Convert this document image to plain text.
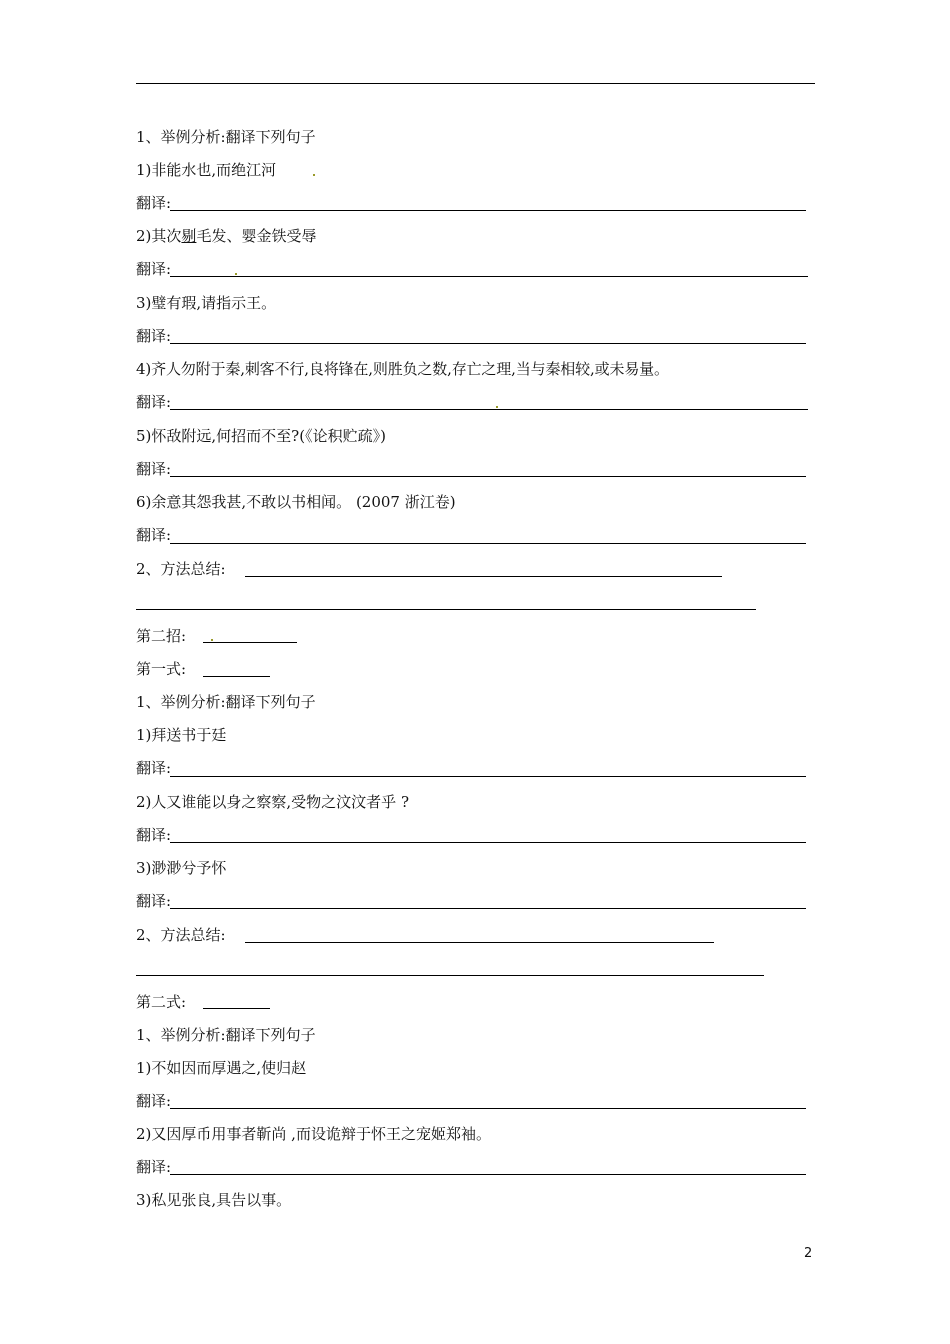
1、举例分析:翻译下列句子
1)非能水也,而绝江河
翻译:
2)其次剔毛发、婴金铁受辱
翻译:
3)璧有瑕,请指示王。
翻译:
4)齐人勿附于秦,刺客不行,良将锋在,则胜负之数,存亡之理,当与秦相较,或未易量。
翻译:
5)怀敌附远,何招而不至?(《论积贮疏》)
翻译:
6)余意其怨我甚,不敢以书相闻。 (2007 浙江卷)
翻译:
2、方法总结:
第二招:
第一式:
1、举例分析:翻译下列句子
1)拜送书于廷
翻译:
2)人又谁能以身之察察,受物之汶汶者乎 ?
翻译:
3)渺渺兮予怀
翻译:
2、方法总结:
第二式:
1、举例分析:翻译下列句子
1)不如因而厚遇之,使归赵
翻译:
2)又因厚币用事者靳尚 ,而设诡辩于怀王之宠姬郑袖。
翻译:
3)私见张良,具告以事。
2
